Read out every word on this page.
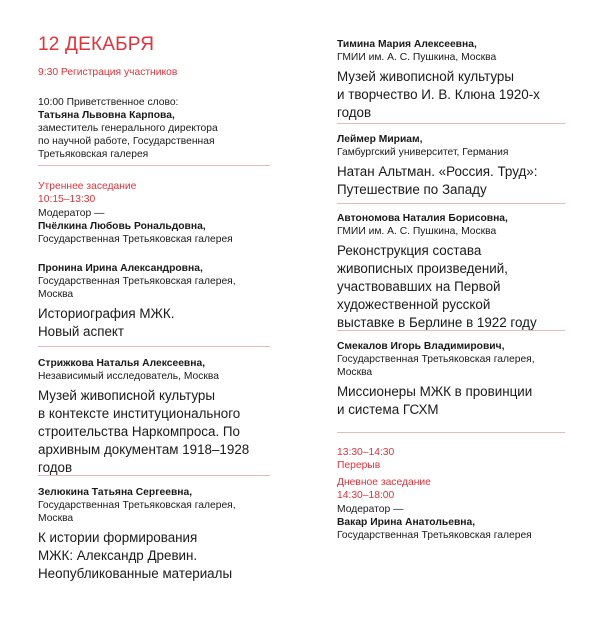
12 ДЕКАБРЯ
9:30 Регистрация участников
10:00 Приветственное слово:
Татьяна Львовна Карпова,
заместитель генерального директора
по научной работе, Государственная
Третьяковская галерея
Утреннее заседание
10:15–13:30
Модератор —
Пчёлкина Любовь Рональдовна,
Государственная Третьяковская галерея
Пронина Ирина Александровна,
Государственная Третьяковская галерея,
Москва
Историография МЖК.
Новый аспект
Стрижкова Наталья Алексеевна,
Независимый исследователь, Москва
Музей живописной культуры
в контексте институционального
строительства Наркомпроса. По
архивным документам 1918–1928
годов
Зелюкина Татьяна Сергеевна,
Государственная Третьяковская галерея,
Москва
К истории формирования
МЖК: Александр Древин.
Неопубликованные материалы
Тимина Мария Алексеевна,
ГМИИ им. А. С. Пушкина, Москва
Музей живописной культуры
и творчество И. В. Клюна 1920-х
годов
Леймер Мириам,
Гамбургский университет, Германия
Натан Альтман. «Россия. Труд»:
Путешествие по Западу
Автономова Наталия Борисовна,
ГМИИ им. А. С. Пушкина, Москва
Реконструкция состава
живописных произведений,
участвовавших на Первой
художественной русской
выставке в Берлине в 1922 году
Смекалов Игорь Владимирович,
Государственная Третьяковская галерея,
Москва
Миссионеры МЖК в провинции
и система ГСХМ
13:30–14:30
Перерыв
Дневное заседание
14:30–18:00
Модератор —
Вакар Ирина Анатольевна,
Государственная Третьяковская галерея
